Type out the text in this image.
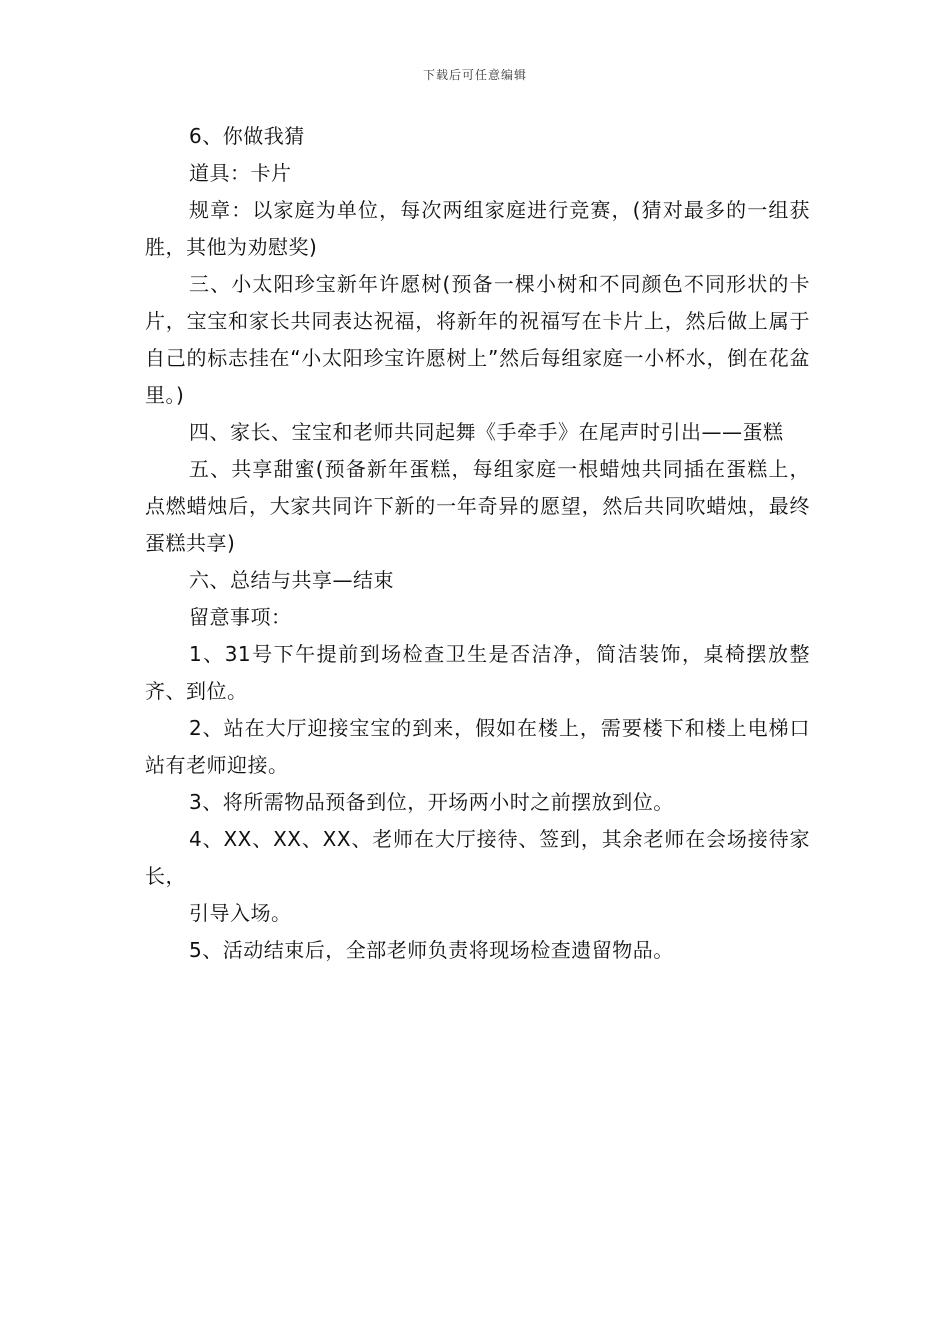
下载后可任意编辑

6、你做我猜

道具：卡片

规章：以家庭为单位，每次两组家庭进行竞赛，(猜对最多的一组获胜，其他为劝慰奖)

三、小太阳珍宝新年许愿树(预备一棵小树和不同颜色不同形状的卡片，宝宝和家长共同表达祝福，将新年的祝福写在卡片上，然后做上属于自己的标志挂在“小太阳珍宝许愿树上”然后每组家庭一小杯水，倒在花盆里。)

四、家长、宝宝和老师共同起舞《手牵手》在尾声时引出——蛋糕

五、共享甜蜜(预备新年蛋糕，每组家庭一根蜡烛共同插在蛋糕上，点燃蜡烛后，大家共同许下新的一年奇异的愿望，然后共同吹蜡烛，最终蛋糕共享)

六、总结与共享—结束

留意事项：

1、31号下午提前到场检查卫生是否洁净，简洁装饰，桌椅摆放整齐、到位。

2、站在大厅迎接宝宝的到来，假如在楼上，需要楼下和楼上电梯口站有老师迎接。

3、将所需物品预备到位，开场两小时之前摆放到位。

4、XX、XX、XX、老师在大厅接待、签到，其余老师在会场接待家长，

引导入场。

5、活动结束后，全部老师负责将现场检查遗留物品。
